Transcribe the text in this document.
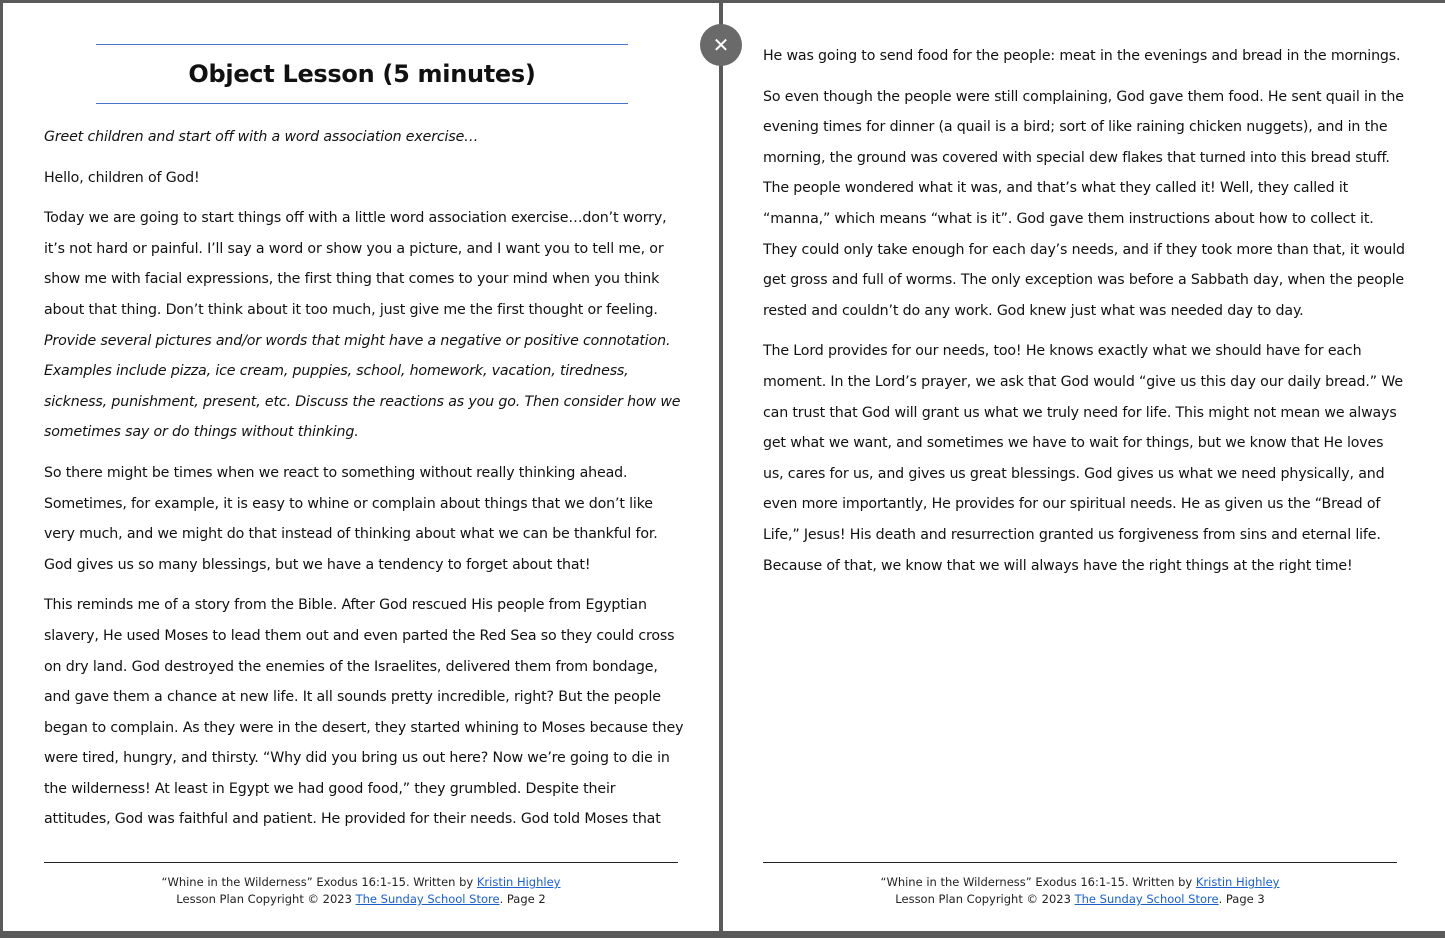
Object Lesson (5 minutes)

Greet children and start off with a word association exercise…

Hello, children of God!

Today we are going to start things off with a little word association exercise…don’t worry, it’s not hard or painful. I’ll say a word or show you a picture, and I want you to tell me, or show me with facial expressions, the first thing that comes to your mind when you think about that thing. Don’t think about it too much, just give me the first thought or feeling. Provide several pictures and/or words that might have a negative or positive connotation. Examples include pizza, ice cream, puppies, school, homework, vacation, tiredness, sickness, punishment, present, etc. Discuss the reactions as you go. Then consider how we sometimes say or do things without thinking.

So there might be times when we react to something without really thinking ahead. Sometimes, for example, it is easy to whine or complain about things that we don’t like very much, and we might do that instead of thinking about what we can be thankful for. God gives us so many blessings, but we have a tendency to forget about that!

This reminds me of a story from the Bible. After God rescued His people from Egyptian slavery, He used Moses to lead them out and even parted the Red Sea so they could cross on dry land. God destroyed the enemies of the Israelites, delivered them from bondage, and gave them a chance at new life. It all sounds pretty incredible, right? But the people began to complain. As they were in the desert, they started whining to Moses because they were tired, hungry, and thirsty. “Why did you bring us out here? Now we’re going to die in the wilderness! At least in Egypt we had good food,” they grumbled. Despite their attitudes, God was faithful and patient. He provided for their needs. God told Moses that

“Whine in the Wilderness” Exodus 16:1-15. Written by Kristin Highley
Lesson Plan Copyright © 2023 The Sunday School Store. Page 2

He was going to send food for the people: meat in the evenings and bread in the mornings.

So even though the people were still complaining, God gave them food. He sent quail in the evening times for dinner (a quail is a bird; sort of like raining chicken nuggets), and in the morning, the ground was covered with special dew flakes that turned into this bread stuff. The people wondered what it was, and that’s what they called it! Well, they called it “manna,” which means “what is it”. God gave them instructions about how to collect it. They could only take enough for each day’s needs, and if they took more than that, it would get gross and full of worms. The only exception was before a Sabbath day, when the people rested and couldn’t do any work. God knew just what was needed day to day.

The Lord provides for our needs, too! He knows exactly what we should have for each moment. In the Lord’s prayer, we ask that God would “give us this day our daily bread.” We can trust that God will grant us what we truly need for life. This might not mean we always get what we want, and sometimes we have to wait for things, but we know that He loves us, cares for us, and gives us great blessings. God gives us what we need physically, and even more importantly, He provides for our spiritual needs. He as given us the “Bread of Life,” Jesus! His death and resurrection granted us forgiveness from sins and eternal life. Because of that, we know that we will always have the right things at the right time!

“Whine in the Wilderness” Exodus 16:1-15. Written by Kristin Highley
Lesson Plan Copyright © 2023 The Sunday School Store. Page 3
✕
